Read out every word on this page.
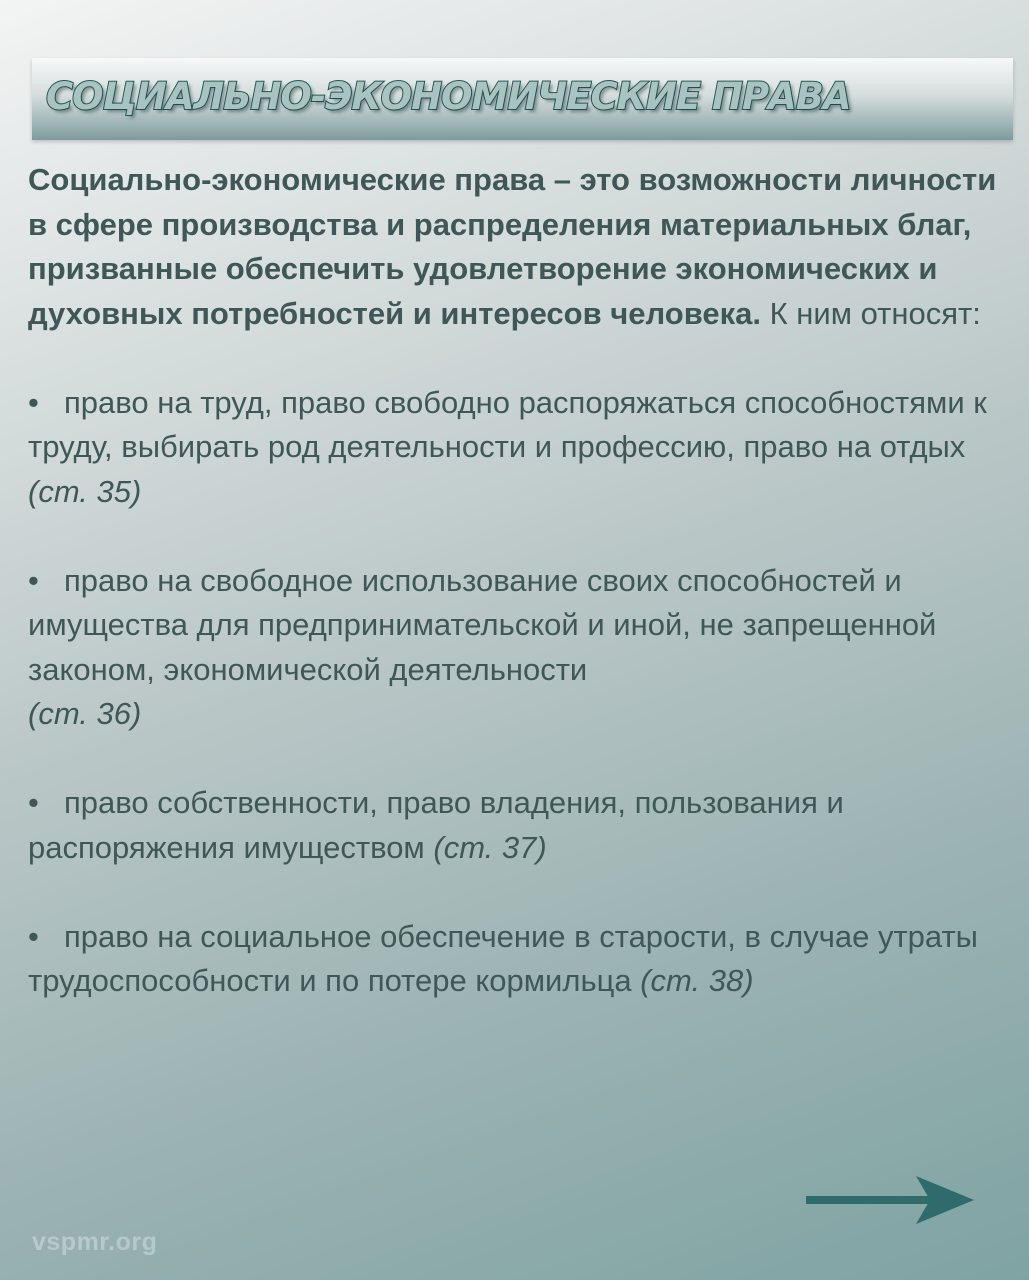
СОЦИАЛЬНО-ЭКОНОМИЧЕСКИЕ ПРАВА

Социально-экономические права – это возможности личности в сфере производства и распределения материальных благ, призванные обеспечить удовлетворение экономических и духовных потребностей и интересов человека. К ним относят:

• право на труд, право свободно распоряжаться способностями к труду, выбирать род деятельности и профессию, право на отдых (ст. 35)

• право на свободное использование своих способностей и имущества для предпринимательской и иной, не запрещенной законом, экономической деятельности
(ст. 36)

• право собственности, право владения, пользования и распоряжения имуществом (ст. 37)

• право на социальное обеспечение в старости, в случае утраты трудоспособности и по потере кормильца (ст. 38)

vspmr.org
